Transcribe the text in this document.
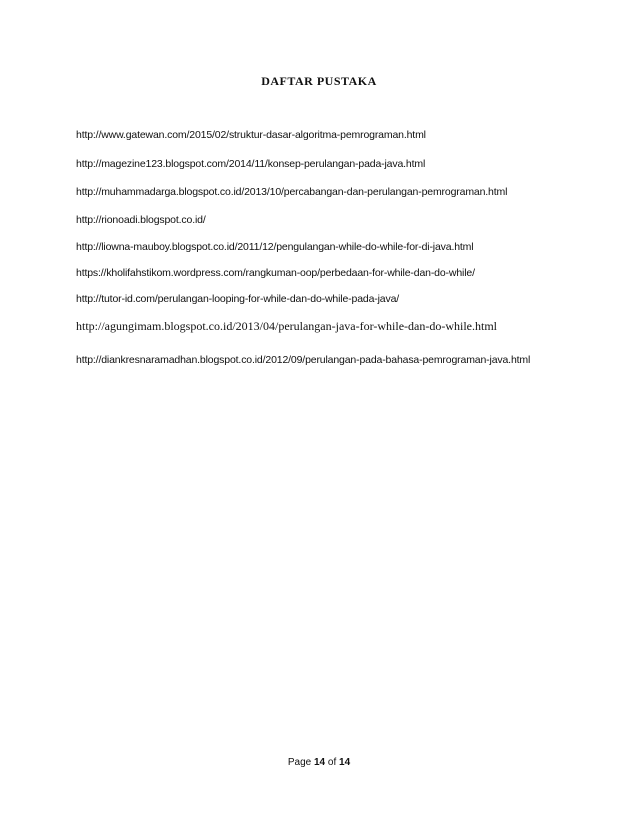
DAFTAR PUSTAKA
http://www.gatewan.com/2015/02/struktur-dasar-algoritma-pemrograman.html
http://magezine123.blogspot.com/2014/11/konsep-perulangan-pada-java.html
http://muhammadarga.blogspot.co.id/2013/10/percabangan-dan-perulangan-pemrograman.html
http://rionoadi.blogspot.co.id/
http://liowna-mauboy.blogspot.co.id/2011/12/pengulangan-while-do-while-for-di-java.html
https://kholifahstikom.wordpress.com/rangkuman-oop/perbedaan-for-while-dan-do-while/
http://tutor-id.com/perulangan-looping-for-while-dan-do-while-pada-java/
http://agungimam.blogspot.co.id/2013/04/perulangan-java-for-while-dan-do-while.html
http://diankresnaramadhan.blogspot.co.id/2012/09/perulangan-pada-bahasa-pemrograman-java.html
Page 14 of 14
